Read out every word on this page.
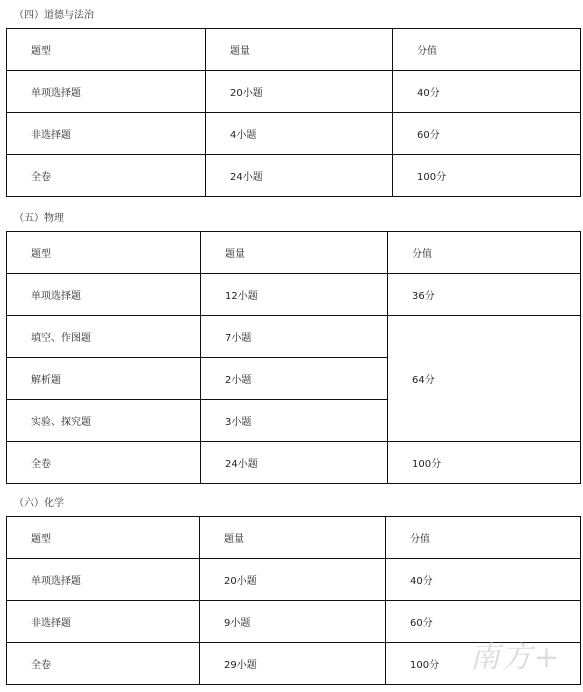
（四）道德与法治
题型	题量	分值
单项选择题	20小题	40分
非选择题	4小题	60分
全卷	24小题	100分
（五）物理
题型	题量	分值
单项选择题	12小题	36分
填空、作图题	7小题	64分
解析题	2小题	
实验、探究题	3小题	
全卷	24小题	100分
（六）化学
题型	题量	分值
单项选择题	20小题	40分
非选择题	9小题	60分
全卷	29小题	100分 南方+
